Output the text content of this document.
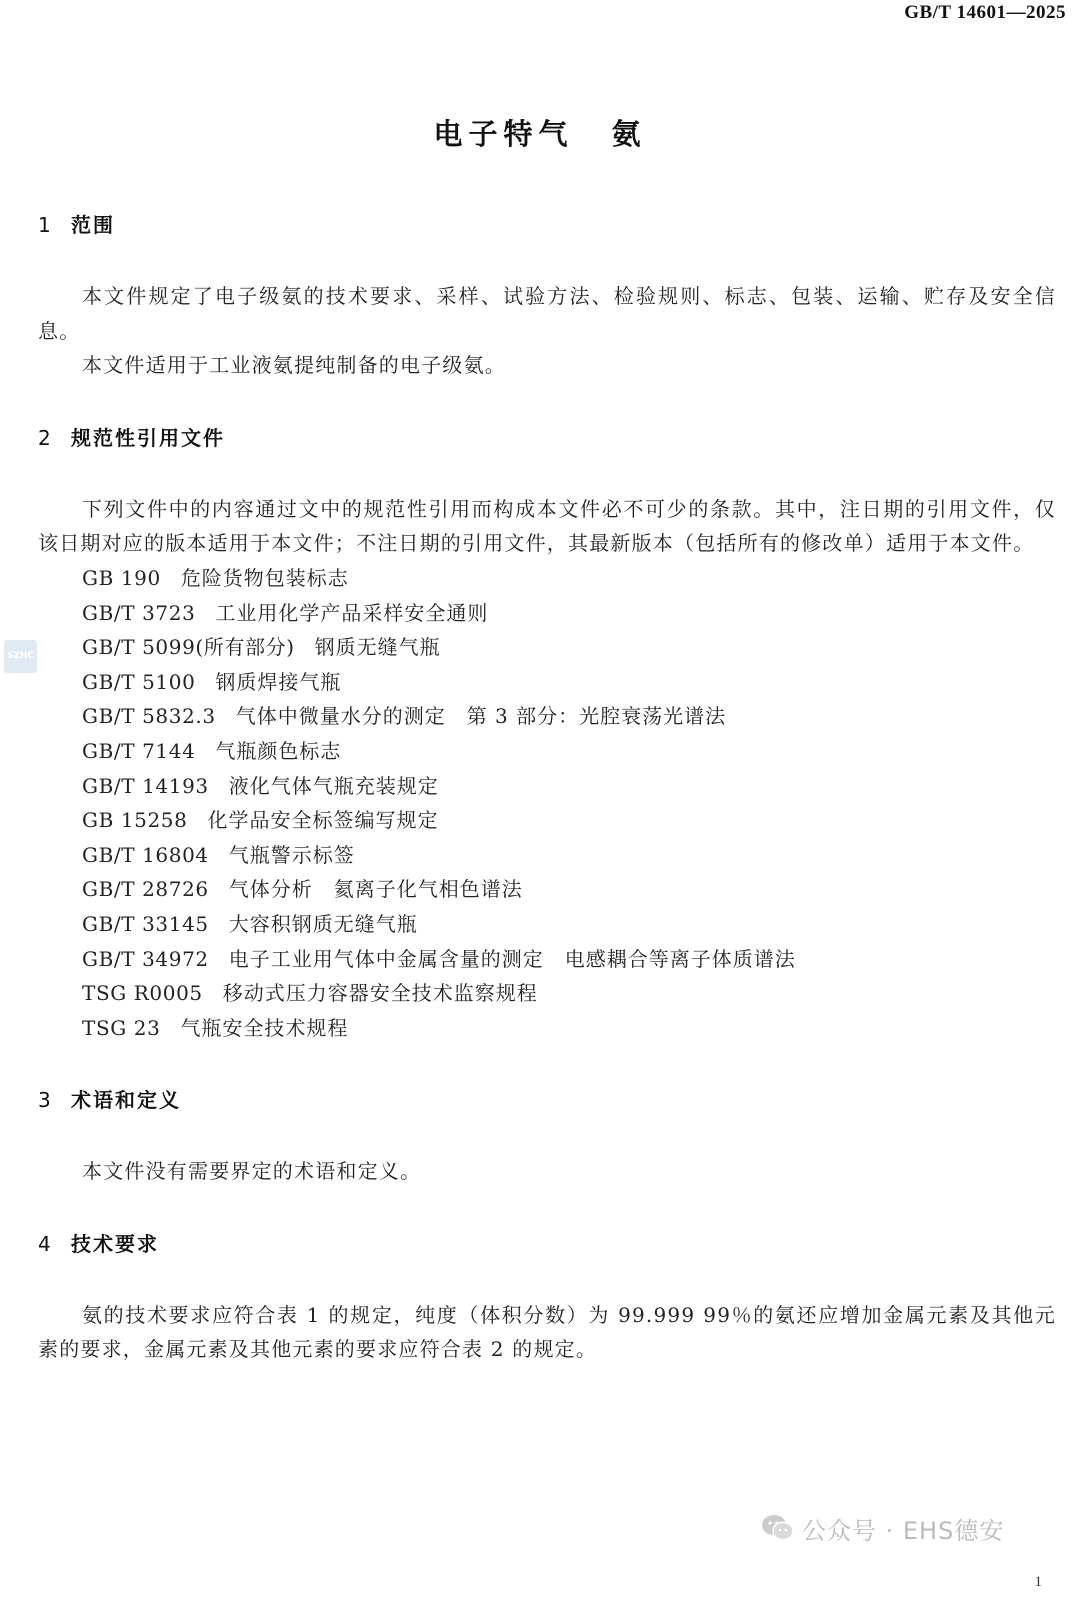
GB/T 14601—2025
电子特气 氨
SZHC
1 范围

本文件规定了电子级氨的技术要求、采样、试验方法、检验规则、标志、包装、运输、贮存及安全信息。

本文件适用于工业液氨提纯制备的电子级氨。

2 规范性引用文件

下列文件中的内容通过文中的规范性引用而构成本文件必不可少的条款。其中，注日期的引用文件，仅该日期对应的版本适用于本文件；不注日期的引用文件，其最新版本（包括所有的修改单）适用于本文件。

GB 190 危险货物包装标志
GB/T 3723 工业用化学产品采样安全通则
GB/T 5099(所有部分) 钢质无缝气瓶
GB/T 5100 钢质焊接气瓶
GB/T 5832.3 气体中微量水分的测定　第 3 部分：光腔衰荡光谱法
GB/T 7144 气瓶颜色标志
GB/T 14193 液化气体气瓶充装规定
GB 15258 化学品安全标签编写规定
GB/T 16804 气瓶警示标签
GB/T 28726 气体分析　氦离子化气相色谱法
GB/T 33145 大容积钢质无缝气瓶
GB/T 34972 电子工业用气体中金属含量的测定　电感耦合等离子体质谱法
TSG R0005 移动式压力容器安全技术监察规程
TSG 23 气瓶安全技术规程
3 术语和定义

本文件没有需要界定的术语和定义。

4 技术要求

氨的技术要求应符合表 1 的规定，纯度（体积分数）为 99.999 99％的氨还应增加金属元素及其他元素的要求，金属元素及其他元素的要求应符合表 2 的规定。

公众号 · EHS德安
1
